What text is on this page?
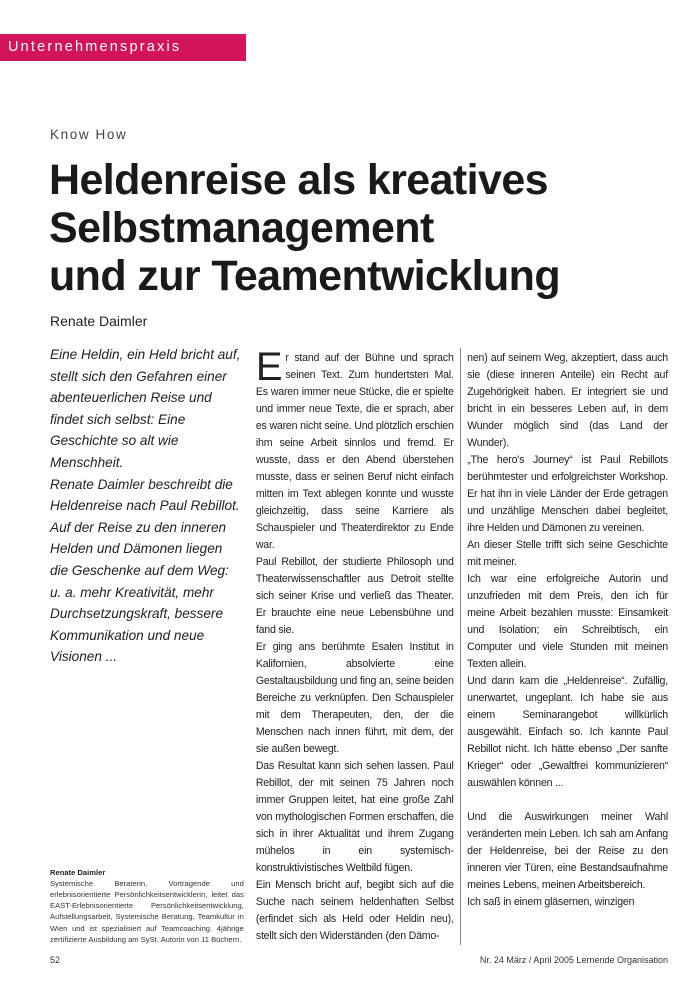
Unternehmenspraxis
Know How
Heldenreise als kreatives
Selbstmanagement
und zur Teamentwicklung
Renate Daimler

Eine Heldin, ein Held bricht auf, stellt sich den Gefahren einer abenteuerlichen Reise und findet sich selbst: Eine Geschichte so alt wie Menschheit.

Renate Daimler beschreibt die Heldenreise nach Paul Rebillot. Auf der Reise zu den inneren Helden und Dämonen liegen die Geschenke auf dem Weg: u. a. mehr Kreativität, mehr Durchsetzungskraft, bessere Kommunikation und neue Visionen ...

Renate Daimler

Systemische Beraterin, Vortragende und erlebnisorientierte Persönlichkeitsentwicklerin, leitet das EAST-Erlebnisorientierte Persönlichkeitsentwicklung, Aufstellungsarbeit, Systemische Beratung, Teamkultur in Wien und ist spezialisiert auf Teamcoaching. 4jährige zertifizierte Ausbildung am SySt. Autorin von 11 Büchern.

Er stand auf der Bühne und sprach seinen Text. Zum hundertsten Mal. Es waren immer neue Stücke, die er spielte und immer neue Texte, die er sprach, aber es waren nicht seine. Und plötzlich erschien ihm seine Arbeit sinnlos und fremd. Er wusste, dass er den Abend überstehen musste, dass er seinen Beruf nicht einfach mitten im Text ablegen konnte und wusste gleichzeitig, dass seine Karriere als Schauspieler und Theaterdirektor zu Ende war.

Paul Rebillot, der studierte Philosoph und Theaterwissenschaftler aus Detroit stellte sich seiner Krise und verließ das Theater. Er brauchte eine neue Lebensbühne und fand sie.

Er ging ans berühmte Esalen Institut in Kalifornien, absolvierte eine Gestaltausbildung und fing an, seine beiden Bereiche zu verknüpfen. Den Schauspieler mit dem Therapeuten, den, der die Menschen nach innen führt, mit dem, der sie außen bewegt.

Das Resultat kann sich sehen lassen. Paul Rebillot, der mit seinen 75 Jahren noch immer Gruppen leitet, hat eine große Zahl von mythologischen Formen erschaffen, die sich in ihrer Aktualität und ihrem Zugang mühelos in ein systemisch-konstruktivistisches Weltbild fügen.

Ein Mensch bricht auf, begibt sich auf die Suche nach seinem heldenhaften Selbst (erfindet sich als Held oder Heldin neu), stellt sich den Widerständen (den Dämo-

nen) auf seinem Weg, akzeptiert, dass auch sie (diese inneren Anteile) ein Recht auf Zugehörigkeit haben. Er integriert sie und bricht in ein besseres Leben auf, in dem Wunder möglich sind (das Land der Wunder).

„The hero's Journey“ ist Paul Rebillots berühmtester und erfolgreichster Workshop. Er hat ihn in viele Länder der Erde getragen und unzählige Menschen dabei begleitet, ihre Helden und Dämonen zu vereinen.

An dieser Stelle trifft sich seine Geschichte mit meiner.

Ich war eine erfolgreiche Autorin und unzufrieden mit dem Preis, den ich für meine Arbeit bezahlen musste: Einsamkeit und Isolation; ein Schreibtisch, ein Computer und viele Stunden mit meinen Texten allein.

Und dann kam die „Heldenreise“. Zufällig, unerwartet, ungeplant. Ich habe sie aus einem Seminarangebot willkürlich ausgewählt. Einfach so. Ich kannte Paul Rebillot nicht. Ich hätte ebenso „Der sanfte Krieger“ oder „Gewaltfrei kommunizieren“ auswählen können ...

Und die Auswirkungen meiner Wahl veränderten mein Leben. Ich sah am Anfang der Heldenreise, bei der Reise zu den inneren vier Türen, eine Bestandsaufnahme meines Lebens, meinen Arbeitsbereich.

Ich saß in einem gläsernen, winzigen

52	Nr. 24 März / April 2005 Lernende Organisation
